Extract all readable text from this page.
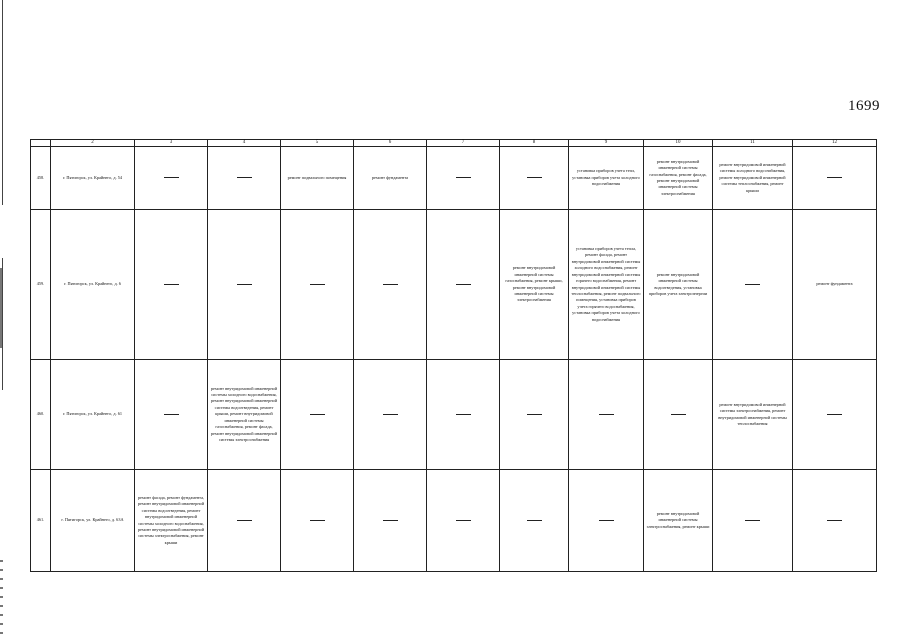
1699
	2	3	4	5	6	7	8	9	10	11	12
458.	г. Пятигорск, ул. Крайнего, д. 54			ремонт подвального помещения	ремонт фундамента			установка приборов учета тепл, установка приборов учета холодного водоснабжения	ремонт внутридомовой инженерной системы газоснабжения, ремонт фасада, ремонт внутридомовой инженерной системы электроснабжения	ремонт внутридомовой инженерной системы холодного водоснабжения, ремонт внутридомовой инженерной системы теплоснабжения, ремонт крыши	
459.	г. Пятигорск, ул. Крайнего, д. 6						ремонт внутридомовой инженерной системы газоснабжения, ремонт крыши, ремонт внутридомовой инженерной системы электроснабжения	установка приборов учета тепла, ремонт фасада, ремонт внутридомовой инженерной системы холодного водоснабжения, ремонт внутридомовой инженерной системы горячего водоснабжения, ремонт внутридомовой инженерной системы теплоснабжения, ремонт подвального помещения, установка приборов учета горячего водоснабжения, установка приборов учета холодного водоснабжения	ремонт внутридомовой инженерной системы водоотведения, установка приборов учета электроэнергии		ремонт фундамента
460.	г. Пятигорск, ул. Крайнего, д. 61		ремонт внутридомовой инженерной системы холодного водоснабжения, ремонт внутридомовой инженерной системы водоотведения, ремонт крыши, ремонт внутридомовой инженерной системы газоснабжения, ремонт фасада, ремонт внутридомовой инженерной системы электроснабжения							ремонт внутридомовой инженерной системы электроснабжения, ремонт внутридомовой инженерной системы теплоснабжения	
461.	г. Пятигорск, ул. Крайнего, д. 63А	ремонт фасада, ремонт фундамента, ремонт внутридомовой инженерной системы водоотведения, ремонт внутридомовой инженерной системы холодного водоснабжения, ремонт внутридомовой инженерной системы электроснабжения, ремонт крыши							ремонт внутридомовой инженерной системы электроснабжения, ремонт крыши		
